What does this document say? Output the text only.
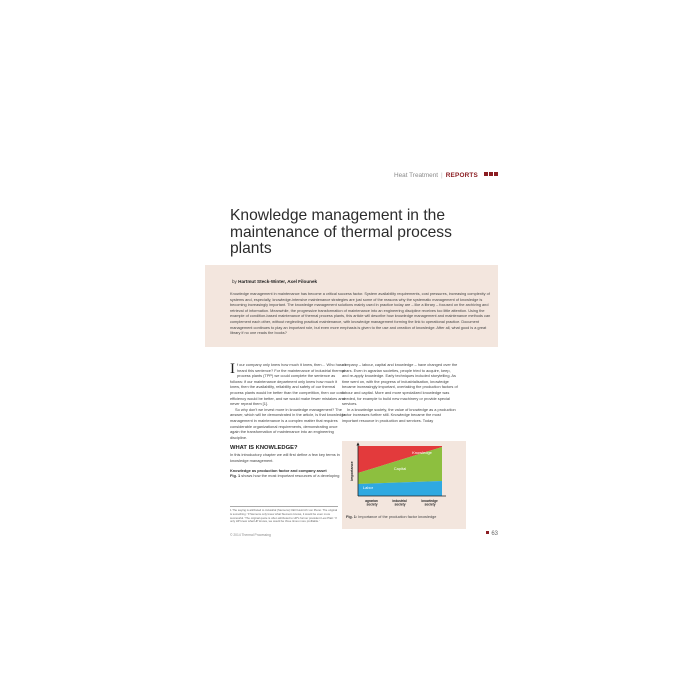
Heat Treatment | REPORTS
Knowledge management in the maintenance of thermal process plants
by Hartmut Steck-Winter, Axel Filounek

Knowledge management in maintenance has become a critical success factor. System availability requirements, cost pressures, increasing complexity of systems and, especially, knowledge-intensive maintenance strategies are just some of the reasons why the systematic management of knowledge is becoming increasingly important. The knowledge management solutions mainly used in practice today are – like a library – focused on the archiving and retrieval of information. Meanwhile, the progressive transformation of maintenance into an engineering discipline receives too little attention. Using the example of condition-based maintenance of thermal process plants, this article will describe how knowledge management and maintenance methods can complement each other, without neglecting practical maintenance, with knowledge management forming the link to operational practice. Document management continues to play an important role, but even more emphasis is given to the use and creation of knowledge. After all, what good is a great library if no one reads the books?

If our company only knew how much it knew, then… Who hasn't heard this sentence? For the maintenance of industrial thermal process plants (TPP) we could complete the sentence as follows: if our maintenance department only knew how much it knew, then the availability, reliability and safety of our thermal process plants would be better than the competition, then our cost efficiency would be better, and we would make fewer mistakes and never repeat them [1].

So why don't we invest more in knowledge management? The answer, which will be demonstrated in the article, is that knowledge management in maintenance is a complex matter that requires considerable organizational requirements, demonstrating once again the transformation of maintenance into an engineering discipline.

WHAT IS KNOWLEDGE?

In this introductory chapter we will first define a few key terms in knowledge management.

Knowledge as production factor and company asset

Fig. 1 shows how the most important resources of a developing

company – labour, capital and knowledge – have changed over the years. Even in agrarian societies, people tried to acquire, keep, and re-apply knowledge. Early techniques included storytelling. As time went on, with the progress of industrialisation, knowledge became increasingly important, overtaking the production factors of labour and capital. More and more specialized knowledge was needed, for example to build new machinery or provide special services.

In a knowledge society, the value of knowledge as a production factor increases further still. Knowledge became the most important resource in production and services. Today

1 The saying is attributed to industrial (Siemens) CEO Heinrich von Pierer. The original is something: 'If Siemens only knew what Siemens knows, it would be even more successful.' The original quote is often attributed to HP's former president Lew Platt: 'If only HP knew what HP knows, we would be three times more profitable.'
importance
Knowledge
Capital
Labor
agrarian society
industrial society
knowledge society
Fig. 1: Importance of the production factor knowledge
© 2014 Thermal Processing	63
